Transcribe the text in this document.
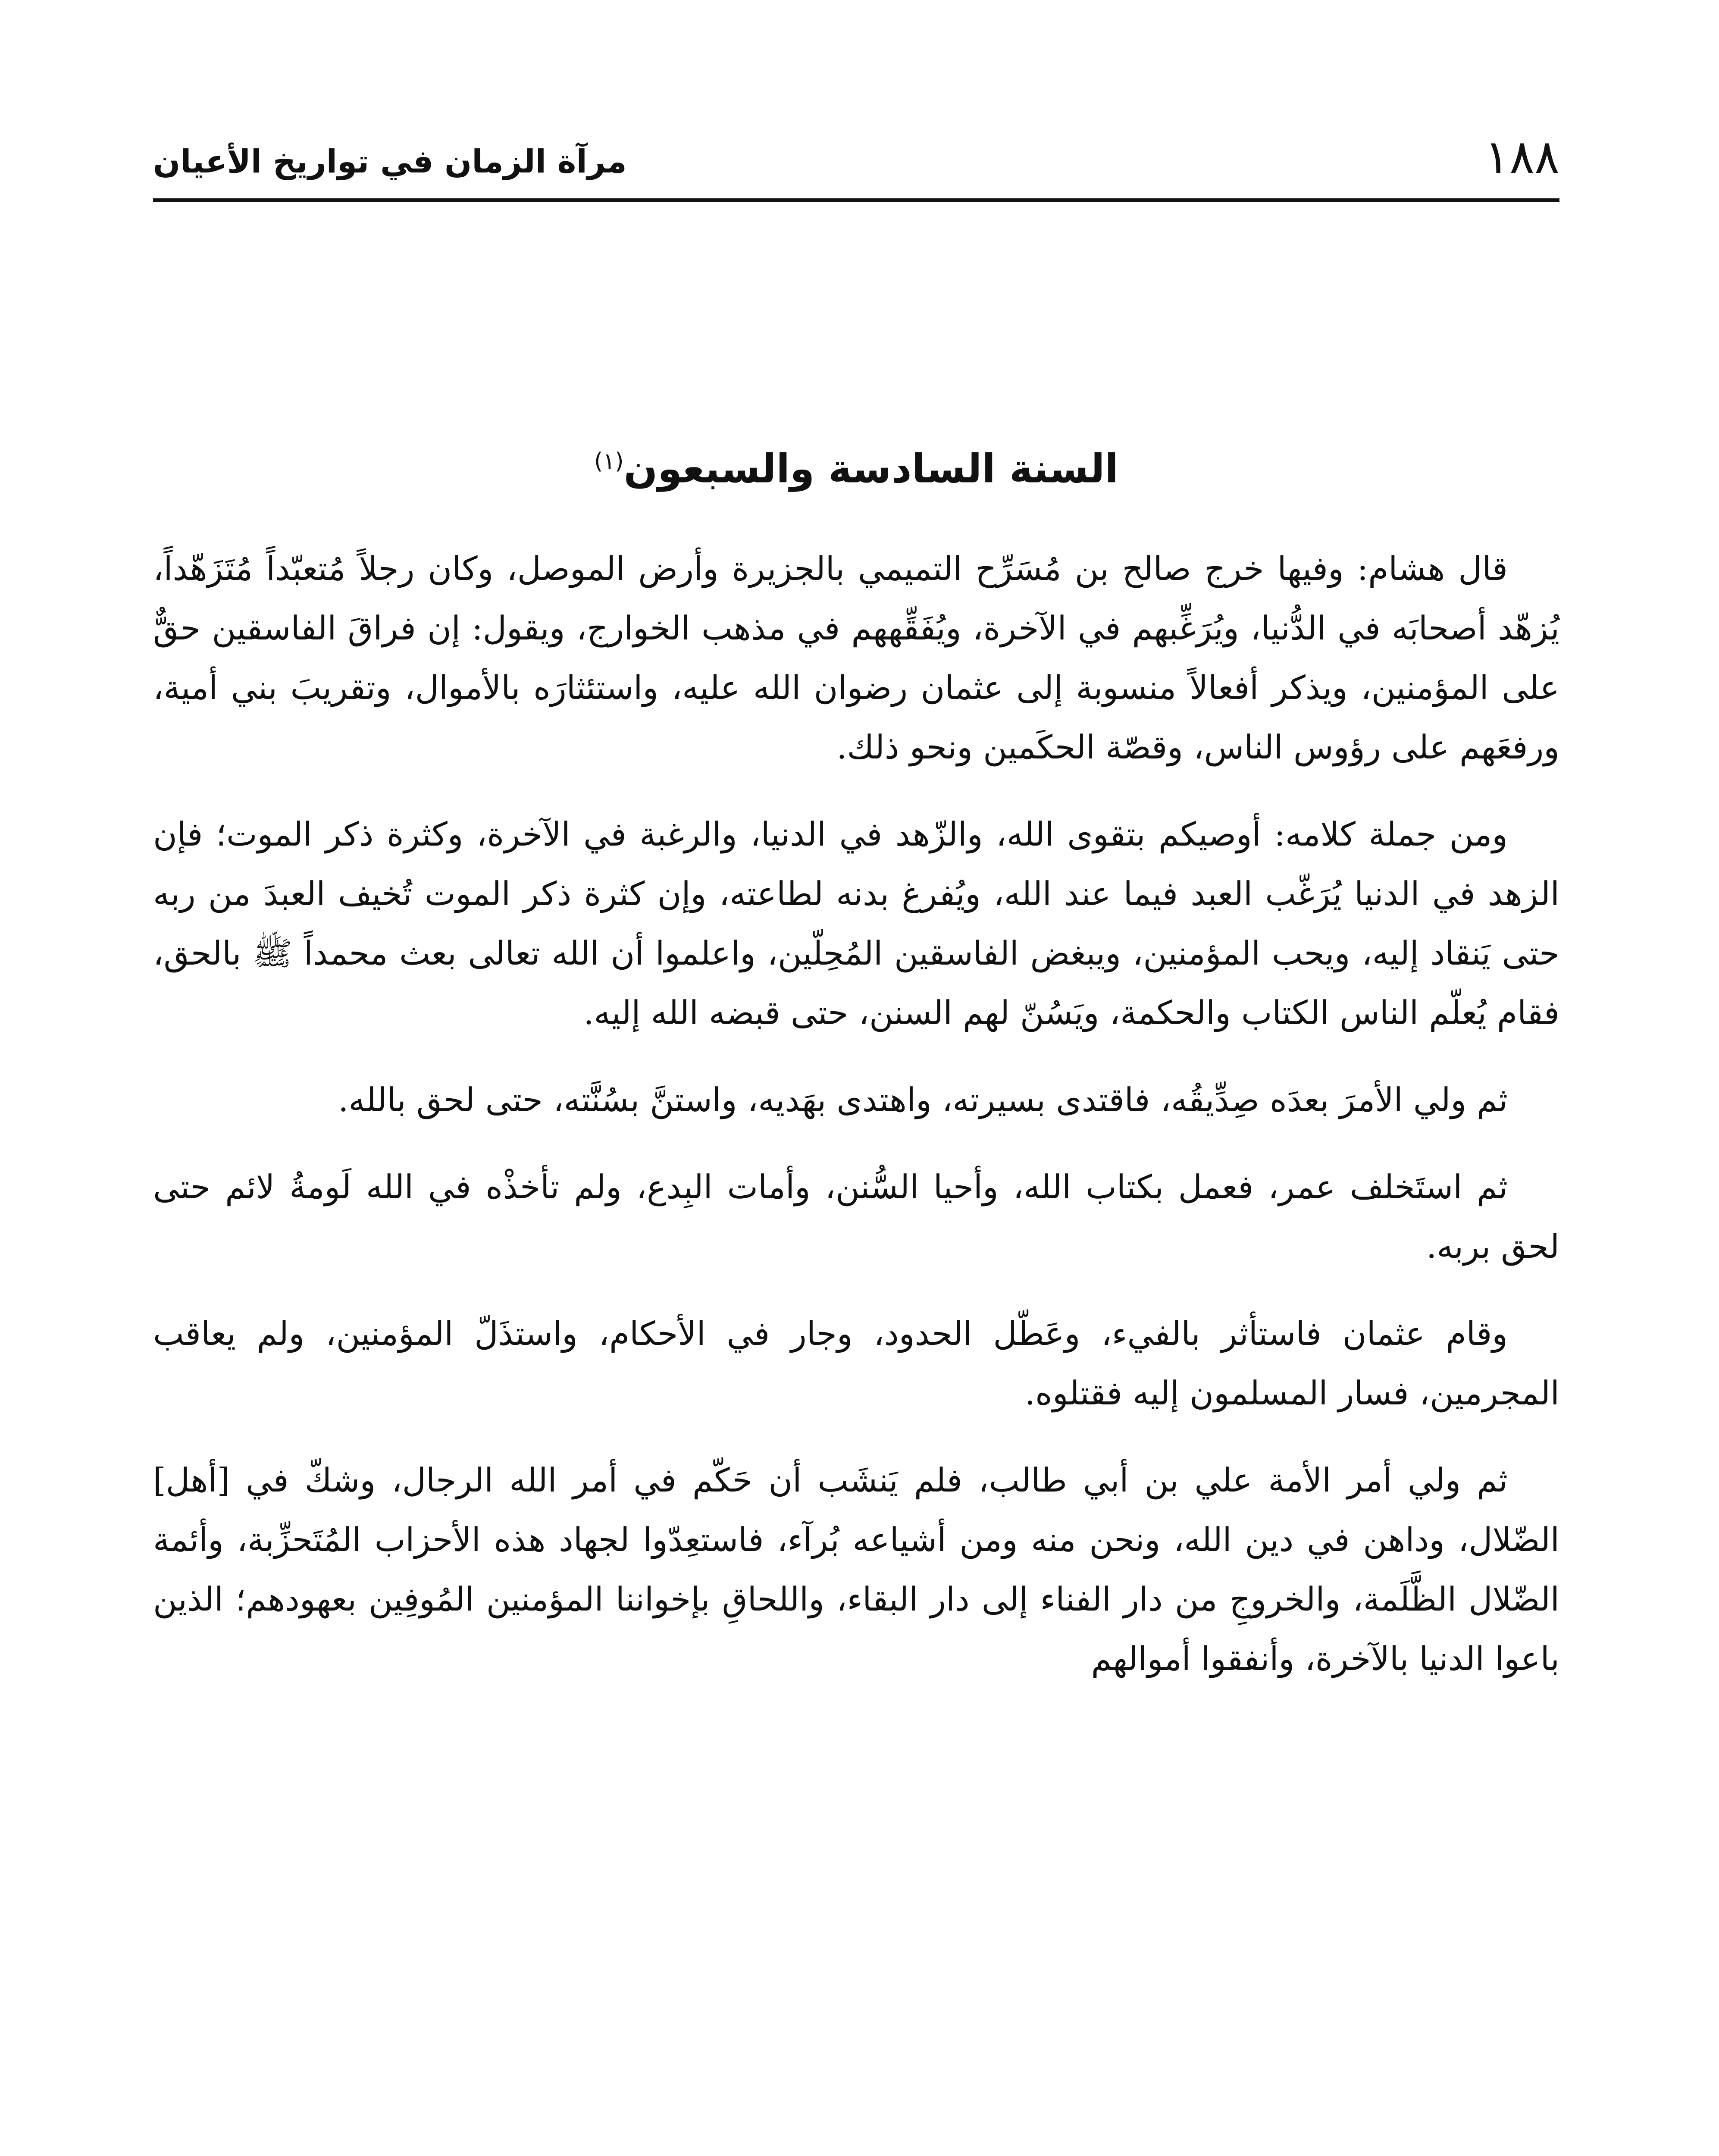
١٨٨
مرآة الزمان في تواريخ الأعيان
السنة السادسة والسبعون$^{(١)}$

قال هشام: وفيها خرج صالح بن مُسَرِّح التميمي بالجزيرة وأرض الموصل، وكان رجلاً مُتعبّداً مُتَزَهّداً، يُزهّد أصحابَه في الدُّنيا، ويُرَغِّبهم في الآخرة، ويُفَقِّههم في مذهب الخوارج، ويقول: إن فراقَ الفاسقين حقٌّ على المؤمنين، ويذكر أفعالاً منسوبة إلى عثمان رضوان الله عليه، واستئثارَه بالأموال، وتقريبَ بني أمية، ورفعَهم على رؤوس الناس، وقصّة الحكَمين ونحو ذلك.

ومن جملة كلامه: أوصيكم بتقوى الله، والزّهد في الدنيا، والرغبة في الآخرة، وكثرة ذكر الموت؛ فإن الزهد في الدنيا يُرَغّب العبد فيما عند الله، ويُفرغ بدنه لطاعته، وإن كثرة ذكر الموت تُخيف العبدَ من ربه حتى يَنقاد إليه، ويحب المؤمنين، ويبغض الفاسقين المُحِلّين، واعلموا أن الله تعالى بعث محمداً ﷺ بالحق، فقام يُعلّم الناس الكتاب والحكمة، ويَسُنّ لهم السنن، حتى قبضه الله إليه.

ثم ولي الأمرَ بعدَه صِدِّيقُه، فاقتدى بسيرته، واهتدى بهَديه، واستنَّ بسُنَّته، حتى لحق بالله.

ثم استَخلف عمر، فعمل بكتاب الله، وأحيا السُّنن، وأمات البِدع، ولم تأخذْه في الله لَومةُ لائم حتى لحق بربه.

وقام عثمان فاستأثر بالفيء، وعَطّل الحدود، وجار في الأحكام، واستذَلّ المؤمنين، ولم يعاقب المجرمين، فسار المسلمون إليه فقتلوه.

ثم ولي أمر الأمة علي بن أبي طالب، فلم يَنشَب أن حَكّم في أمر الله الرجال، وشكّ في [أهل] الضّلال، وداهن في دين الله، ونحن منه ومن أشياعه بُرآء، فاستعِدّوا لجهاد هذه الأحزاب المُتَحزِّبة، وأئمة الضّلال الظَّلَمة، والخروجِ من دار الفناء إلى دار البقاء، واللحاقِ بإخواننا المؤمنين المُوفِين بعهودهم؛ الذين باعوا الدنيا بالآخرة، وأنفقوا أموالهم
